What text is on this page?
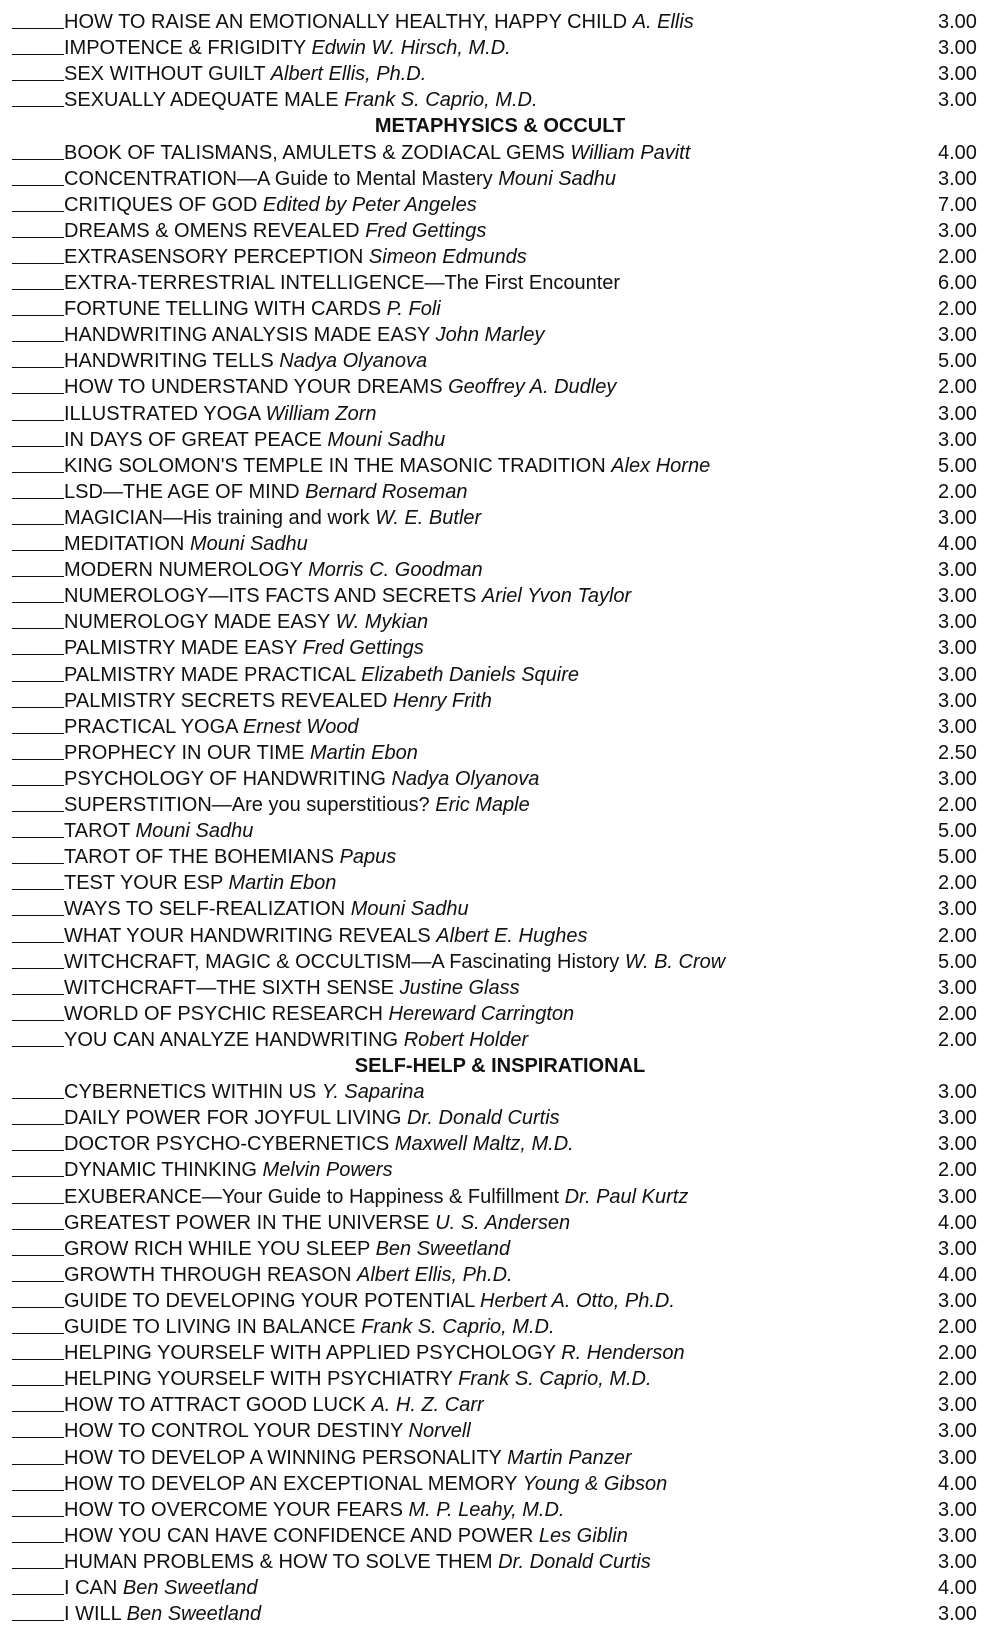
HOW TO RAISE AN EMOTIONALLY HEALTHY, HAPPY CHILD A. Ellis	3.00
IMPOTENCE & FRIGIDITY Edwin W. Hirsch, M.D.	3.00
SEX WITHOUT GUILT Albert Ellis, Ph.D.	3.00
SEXUALLY ADEQUATE MALE Frank S. Caprio, M.D.	3.00
METAPHYSICS & OCCULT
BOOK OF TALISMANS, AMULETS & ZODIACAL GEMS William Pavitt	4.00
CONCENTRATION—A Guide to Mental Mastery Mouni Sadhu	3.00
CRITIQUES OF GOD Edited by Peter Angeles	7.00
DREAMS & OMENS REVEALED Fred Gettings	3.00
EXTRASENSORY PERCEPTION Simeon Edmunds	2.00
EXTRA-TERRESTRIAL INTELLIGENCE—The First Encounter	6.00
FORTUNE TELLING WITH CARDS P. Foli	2.00
HANDWRITING ANALYSIS MADE EASY John Marley	3.00
HANDWRITING TELLS Nadya Olyanova	5.00
HOW TO UNDERSTAND YOUR DREAMS Geoffrey A. Dudley	2.00
ILLUSTRATED YOGA William Zorn	3.00
IN DAYS OF GREAT PEACE Mouni Sadhu	3.00
KING SOLOMON'S TEMPLE IN THE MASONIC TRADITION Alex Horne	5.00
LSD—THE AGE OF MIND Bernard Roseman	2.00
MAGICIAN—His training and work W. E. Butler	3.00
MEDITATION Mouni Sadhu	4.00
MODERN NUMEROLOGY Morris C. Goodman	3.00
NUMEROLOGY—ITS FACTS AND SECRETS Ariel Yvon Taylor	3.00
NUMEROLOGY MADE EASY W. Mykian	3.00
PALMISTRY MADE EASY Fred Gettings	3.00
PALMISTRY MADE PRACTICAL Elizabeth Daniels Squire	3.00
PALMISTRY SECRETS REVEALED Henry Frith	3.00
PRACTICAL YOGA Ernest Wood	3.00
PROPHECY IN OUR TIME Martin Ebon	2.50
PSYCHOLOGY OF HANDWRITING Nadya Olyanova	3.00
SUPERSTITION—Are you superstitious? Eric Maple	2.00
TAROT Mouni Sadhu	5.00
TAROT OF THE BOHEMIANS Papus	5.00
TEST YOUR ESP Martin Ebon	2.00
WAYS TO SELF-REALIZATION Mouni Sadhu	3.00
WHAT YOUR HANDWRITING REVEALS Albert E. Hughes	2.00
WITCHCRAFT, MAGIC & OCCULTISM—A Fascinating History W. B. Crow	5.00
WITCHCRAFT—THE SIXTH SENSE Justine Glass	3.00
WORLD OF PSYCHIC RESEARCH Hereward Carrington	2.00
YOU CAN ANALYZE HANDWRITING Robert Holder	2.00
SELF-HELP & INSPIRATIONAL
CYBERNETICS WITHIN US Y. Saparina	3.00
DAILY POWER FOR JOYFUL LIVING Dr. Donald Curtis	3.00
DOCTOR PSYCHO-CYBERNETICS Maxwell Maltz, M.D.	3.00
DYNAMIC THINKING Melvin Powers	2.00
EXUBERANCE—Your Guide to Happiness & Fulfillment Dr. Paul Kurtz	3.00
GREATEST POWER IN THE UNIVERSE U. S. Andersen	4.00
GROW RICH WHILE YOU SLEEP Ben Sweetland	3.00
GROWTH THROUGH REASON Albert Ellis, Ph.D.	4.00
GUIDE TO DEVELOPING YOUR POTENTIAL Herbert A. Otto, Ph.D.	3.00
GUIDE TO LIVING IN BALANCE Frank S. Caprio, M.D.	2.00
HELPING YOURSELF WITH APPLIED PSYCHOLOGY R. Henderson	2.00
HELPING YOURSELF WITH PSYCHIATRY Frank S. Caprio, M.D.	2.00
HOW TO ATTRACT GOOD LUCK A. H. Z. Carr	3.00
HOW TO CONTROL YOUR DESTINY Norvell	3.00
HOW TO DEVELOP A WINNING PERSONALITY Martin Panzer	3.00
HOW TO DEVELOP AN EXCEPTIONAL MEMORY Young & Gibson	4.00
HOW TO OVERCOME YOUR FEARS M. P. Leahy, M.D.	3.00
HOW YOU CAN HAVE CONFIDENCE AND POWER Les Giblin	3.00
HUMAN PROBLEMS & HOW TO SOLVE THEM Dr. Donald Curtis	3.00
I CAN Ben Sweetland	4.00
I WILL Ben Sweetland	3.00
